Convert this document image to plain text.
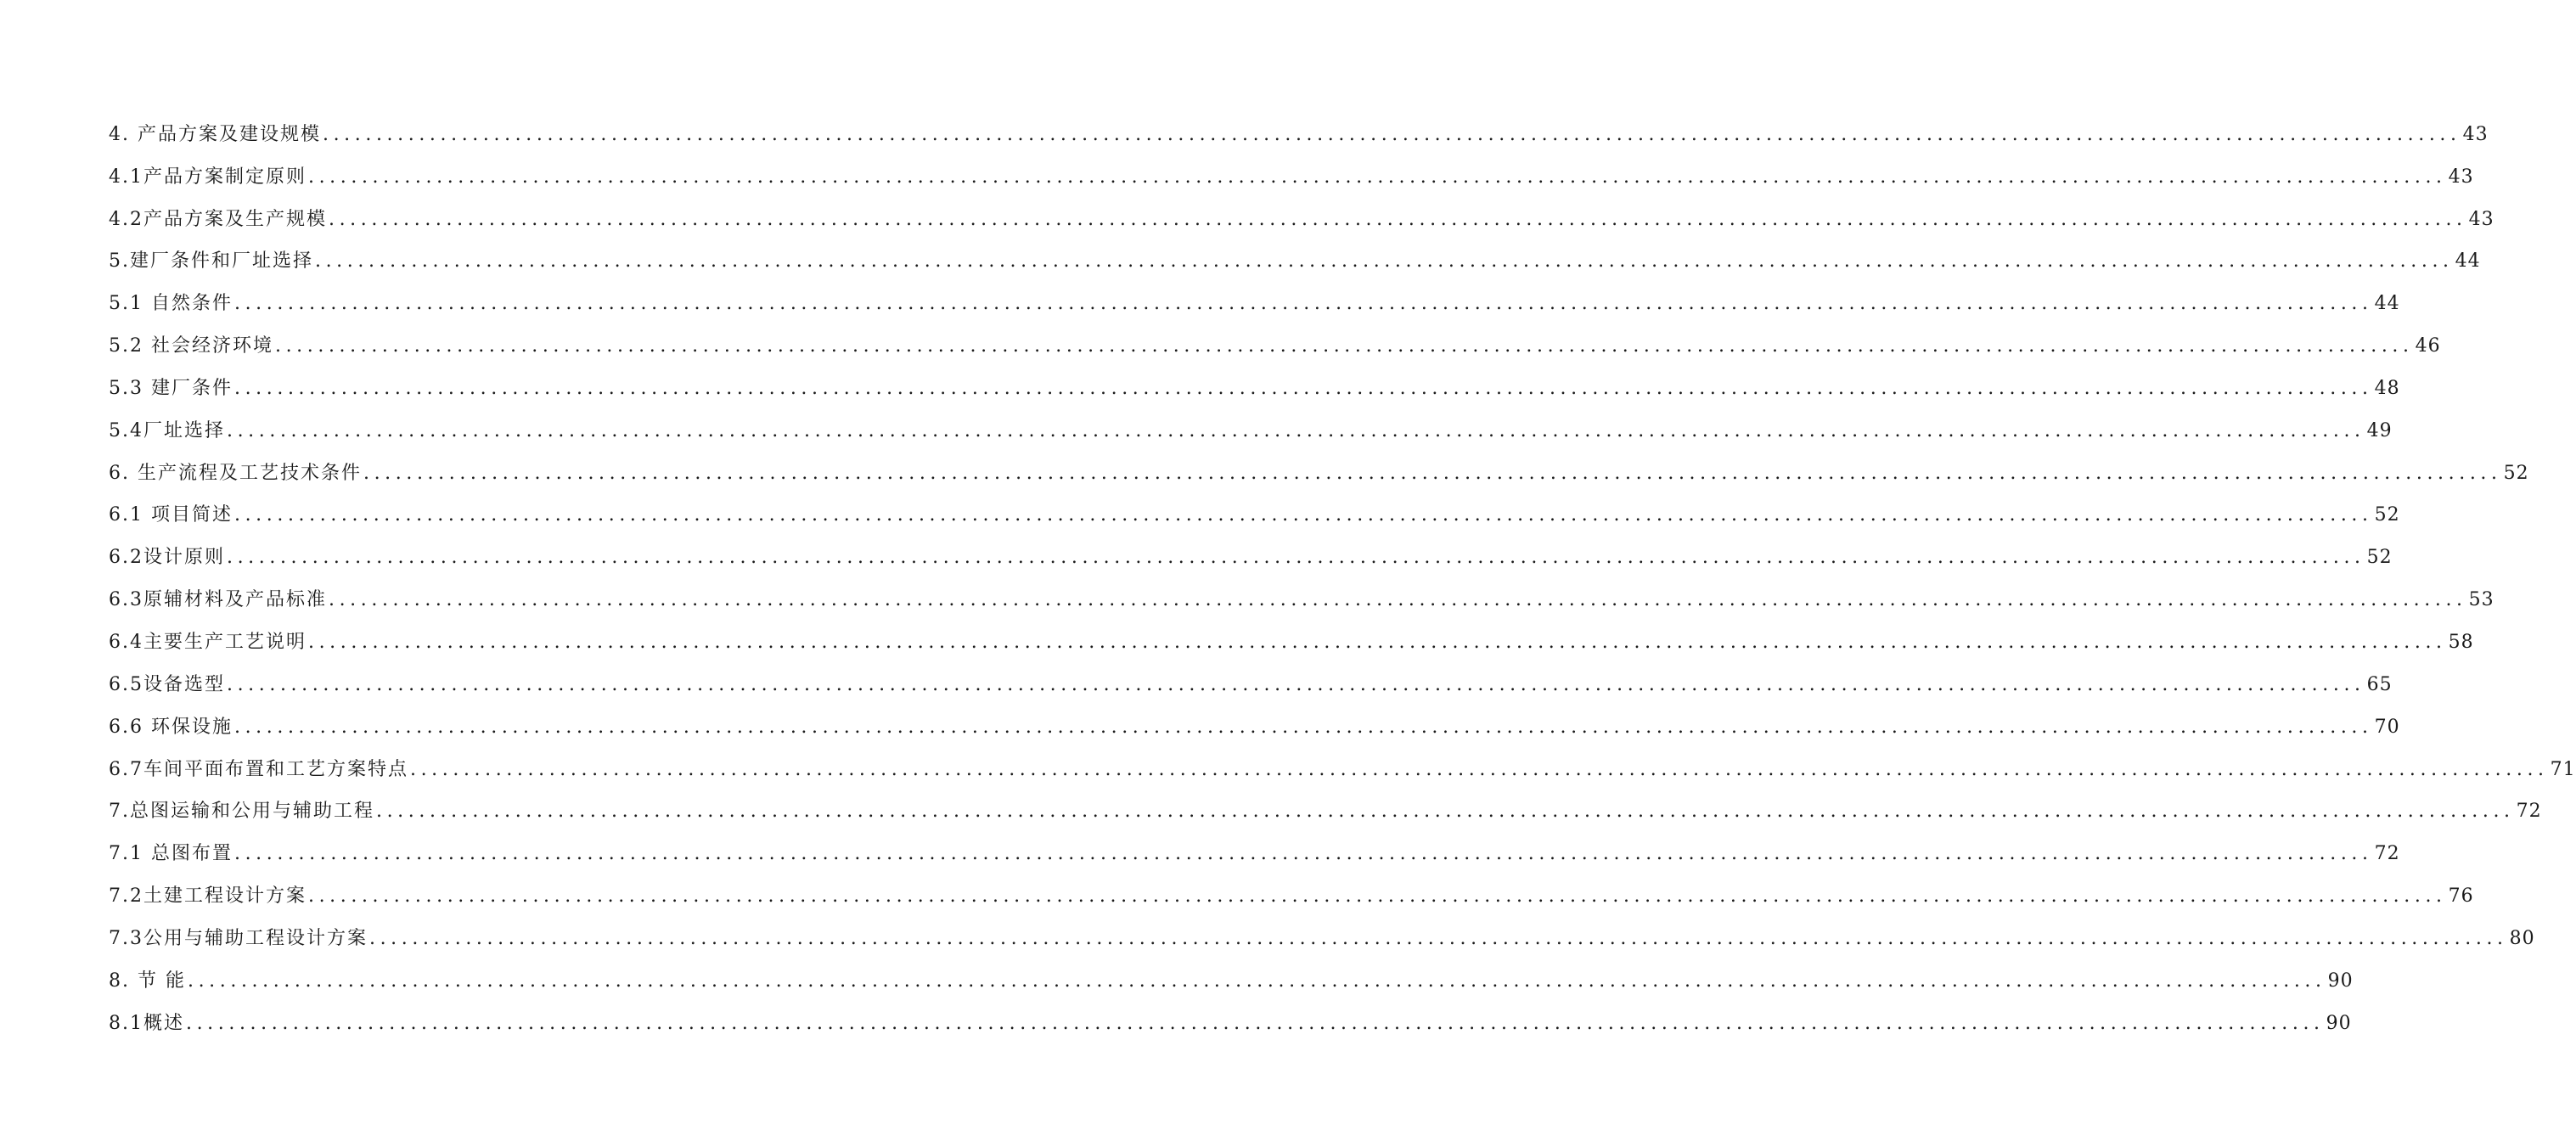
4. 产品方案及建设规模 ........................................................................................................................................................................................................ 43
4.1产品方案制定原则 ........................................................................................................................................................................................................ 43
4.2产品方案及生产规模 ........................................................................................................................................................................................................ 43
5.建厂条件和厂址选择 ........................................................................................................................................................................................................ 44
5.1 自然条件 ........................................................................................................................................................................................................ 44
5.2 社会经济环境 ........................................................................................................................................................................................................ 46
5.3 建厂条件 ........................................................................................................................................................................................................ 48
5.4厂址选择 ........................................................................................................................................................................................................ 49
6. 生产流程及工艺技术条件 ........................................................................................................................................................................................................ 52
6.1 项目简述 ........................................................................................................................................................................................................ 52
6.2设计原则 ........................................................................................................................................................................................................ 52
6.3原辅材料及产品标准 ........................................................................................................................................................................................................ 53
6.4主要生产工艺说明 ........................................................................................................................................................................................................ 58
6.5设备选型 ........................................................................................................................................................................................................ 65
6.6 环保设施 ........................................................................................................................................................................................................ 70
6.7车间平面布置和工艺方案特点 ........................................................................................................................................................................................................ 71
7.总图运输和公用与辅助工程 ........................................................................................................................................................................................................ 72
7.1 总图布置 ........................................................................................................................................................................................................ 72
7.2土建工程设计方案 ........................................................................................................................................................................................................ 76
7.3公用与辅助工程设计方案 ........................................................................................................................................................................................................ 80
8. 节 能 ........................................................................................................................................................................................................ 90
8.1概述 ........................................................................................................................................................................................................ 90
